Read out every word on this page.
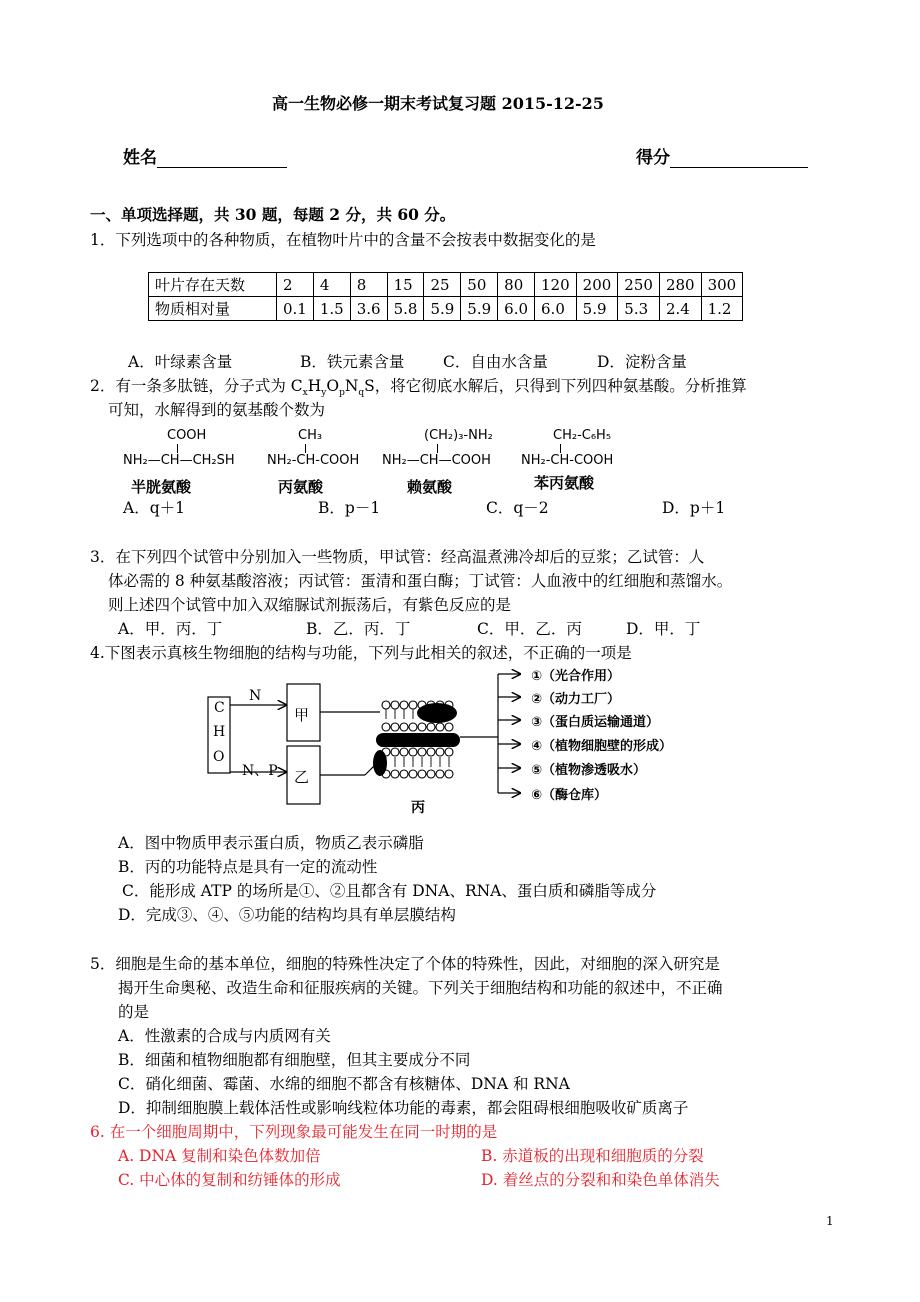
高一生物必修一期末考试复习题 2015-12-25
姓名	得分
一、单项选择题，共 30 题，每题 2 分，共 60 分。
1．下列选项中的各种物质，在植物叶片中的含量不会按表中数据变化的是
叶片存在天数	2	4	8	15	25	50	80	120	200	250	280	300
物质相对量	0.1	1.5	3.6	5.8	5.9	5.9	6.0	6.0	5.9	5.3	2.4	1.2
A．叶绿素含量	B．铁元素含量 C．自由水含量	D．淀粉含量
2．有一条多肽链，分子式为 $C_xH_yO_pN_qS$，将它彻底水解后，只得到下列四种氨基酸。分析推算
可知，水解得到的氨基酸个数为
COOH
NH₂—CH—CH₂SH
半胱氨酸
CH₃
NH₂-CH-COOH
丙氨酸
(CH₂)₃-NH₂
NH₂—CH—COOH
赖氨酸
CH₂-C₆H₅
NH₂-CH-COOH
苯丙氨酸
A．q＋1	B．p－1	C．q－2	D．p＋1
3．在下列四个试管中分别加入一些物质，甲试管：经高温煮沸冷却后的豆浆；乙试管：人
体必需的 8 种氨基酸溶液；丙试管：蛋清和蛋白酶；丁试管：人血液中的红细胞和蒸馏水。
则上述四个试管中加入双缩脲试剂振荡后，有紫色反应的是
A．甲．丙．丁	B．乙．丙．丁	C．甲．乙．丙	D．甲．丁
4.下图表示真核生物细胞的结构与功能，下列与此相关的叙述，不正确的一项是
C
H
O
N
N、P
甲
乙
丙
①（光合作用）
②（动力工厂）
③（蛋白质运输通道）
④（植物细胞壁的形成）
⑤（植物渗透吸水）
⑥（酶仓库）
A．图中物质甲表示蛋白质，物质乙表示磷脂
B．丙的功能特点是具有一定的流动性
C．能形成 ATP 的场所是①、②且都含有 DNA、RNA、蛋白质和磷脂等成分
D．完成③、④、⑤功能的结构均具有单层膜结构
5．细胞是生命的基本单位，细胞的特殊性决定了个体的特殊性，因此，对细胞的深入研究是
揭开生命奥秘、改造生命和征服疾病的关键。下列关于细胞结构和功能的叙述中，不正确
的是
A．性激素的合成与内质网有关
B．细菌和植物细胞都有细胞壁，但其主要成分不同
C．硝化细菌、霉菌、水绵的细胞不都含有核糖体、DNA 和 RNA
D．抑制细胞膜上载体活性或影响线粒体功能的毒素，都会阻碍根细胞吸收矿质离子
6. 在一个细胞周期中，下列现象最可能发生在同一时期的是
A. DNA 复制和染色体数加倍	B. 赤道板的出现和细胞质的分裂
C. 中心体的复制和纺锤体的形成	D. 着丝点的分裂和和染色单体消失
1
